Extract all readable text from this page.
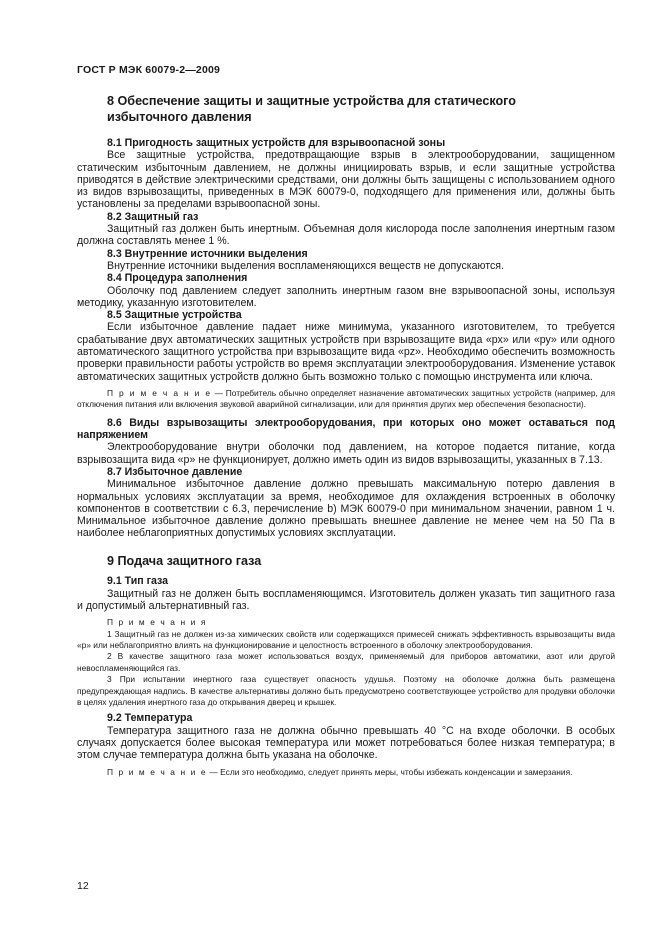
ГОСТ Р МЭК 60079-2—2009
8 Обеспечение защиты и защитные устройства для статического
избыточного давления
8.1 Пригодность защитных устройств для взрывоопасной зоны

Все защитные устройства, предотвращающие взрыв в электрооборудовании, защищенном статическим избыточным давлением, не должны инициировать взрыв, и если защитные устройства приводятся в действие электрическими средствами, они должны быть защищены с использованием одного из видов взрывозащиты, приведенных в МЭК 60079-0, подходящего для применения или, должны быть установлены за пределами взрывоопасной зоны.

8.2 Защитный газ

Защитный газ должен быть инертным. Объемная доля кислорода после заполнения инертным газом должна составлять менее 1 %.

8.3 Внутренние источники выделения

Внутренние источники выделения воспламеняющихся веществ не допускаются.

8.4 Процедура заполнения

Оболочку под давлением следует заполнить инертным газом вне взрывоопасной зоны, используя методику, указанную изготовителем.

8.5 Защитные устройства

Если избыточное давление падает ниже минимума, указанного изготовителем, то требуется срабатывание двух автоматических защитных устройств при взрывозащите вида «рх» или «ру» или одного автоматического защитного устройства при взрывозащите вида «pz». Необходимо обеспечить возможность проверки правильности работы устройств во время эксплуатации электрооборудования. Изменение уставок автоматических защитных устройств должно быть возможно только с помощью инструмента или ключа.

П р и м е ч а н и е — Потребитель обычно определяет назначение автоматических защитных устройств (например, для отключения питания или включения звуковой аварийной сигнализации, или для принятия других мер обеспечения безопасности).

8.6 Виды взрывозащиты электрооборудования, при которых оно может оставаться под напряжением

Электрооборудование внутри оболочки под давлением, на которое подается питание, когда взрывозащита вида «р» не функционирует, должно иметь один из видов взрывозащиты, указанных в 7.13.

8.7 Избыточное давление

Минимальное избыточное давление должно превышать максимальную потерю давления в нормальных условиях эксплуатации за время, необходимое для охлаждения встроенных в оболочку компонентов в соответствии с 6.3, перечисление b) МЭК 60079-0 при минимальном значении, равном 1 ч. Минимальное избыточное давление должно превышать внешнее давление не менее чем на 50 Па в наиболее неблагоприятных допустимых условиях эксплуатации.

9 Подача защитного газа
9.1 Тип газа

Защитный газ не должен быть воспламеняющимся. Изготовитель должен указать тип защитного газа и допустимый альтернативный газ.

П р и м е ч а н и я

1 Защитный газ не должен из-за химических свойств или содержащихся примесей снижать эффективность взрывозащиты вида «р» или неблагоприятно влиять на функционирование и целостность встроенного в оболочку электрооборудования.

2 В качестве защитного газа может использоваться воздух, применяемый для приборов автоматики, азот или другой невоспламеняющийся газ.

3 При испытании инертного газа существует опасность удушья. Поэтому на оболочке должна быть размещена предупреждающая надпись. В качестве альтернативы должно быть предусмотрено соответствующее устройство для продувки оболочки в целях удаления инертного газа до открывания дверец и крышек.

9.2 Температура

Температура защитного газа не должна обычно превышать 40 °С на входе оболочки. В особых случаях допускается более высокая температура или может потребоваться более низкая температура; в этом случае температура должна быть указана на оболочке.

П р и м е ч а н и е — Если это необходимо, следует принять меры, чтобы избежать конденсации и замерзания.

12
